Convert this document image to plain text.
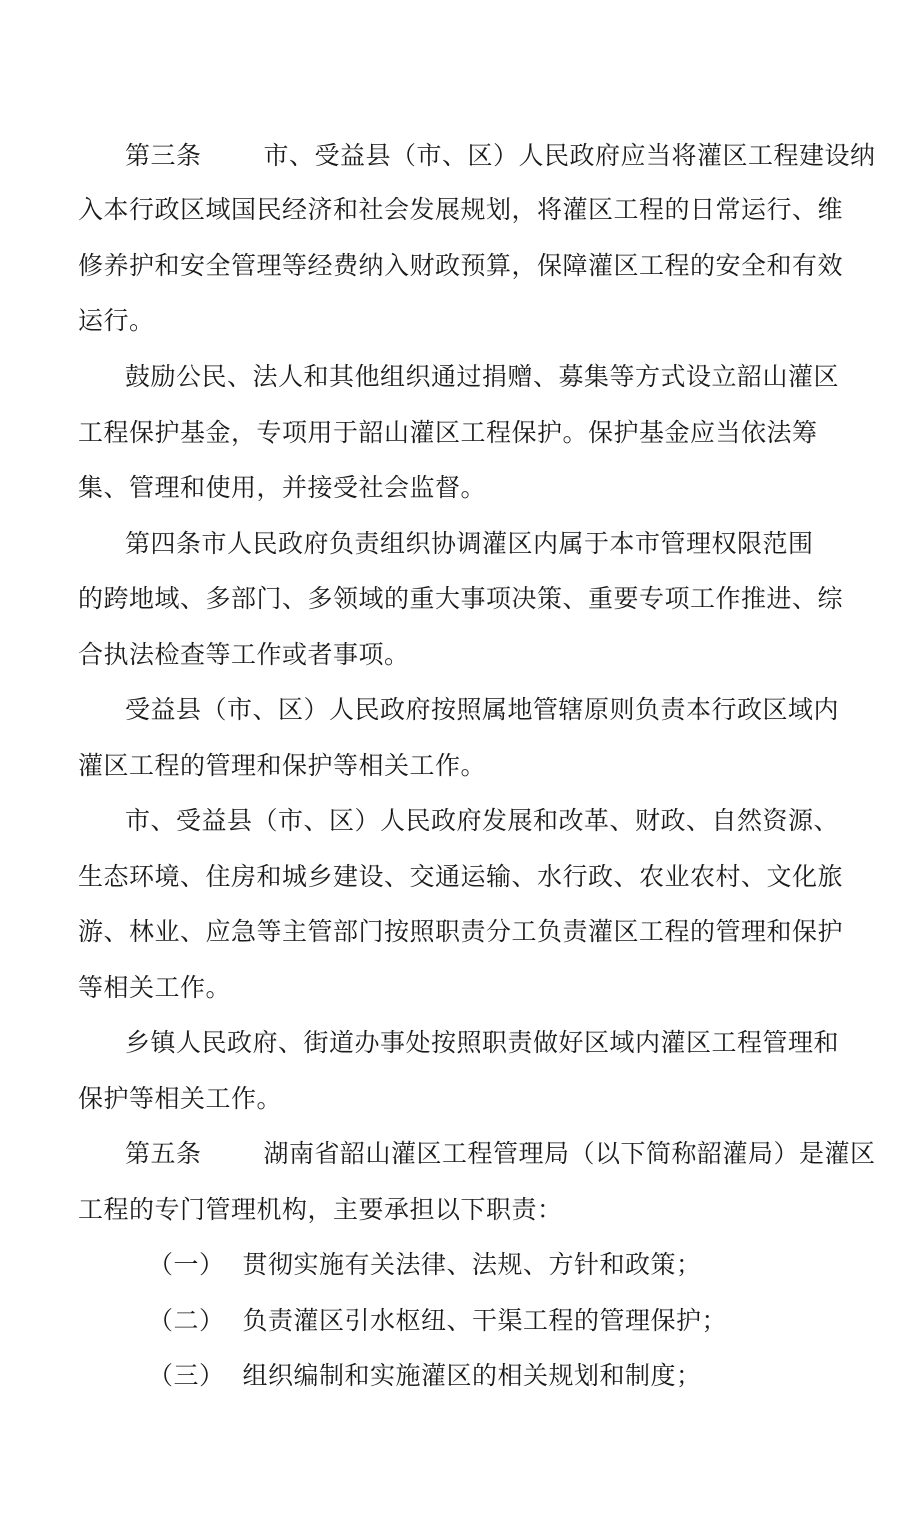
第三条 市、受益县（市、区）人民政府应当将灌区工程建设纳
入本行政区域国民经济和社会发展规划，将灌区工程的日常运行、维
修养护和安全管理等经费纳入财政预算，保障灌区工程的安全和有效
运行。
鼓励公民、法人和其他组织通过捐赠、募集等方式设立韶山灌区
工程保护基金，专项用于韶山灌区工程保护。保护基金应当依法筹
集、管理和使用，并接受社会监督。
第四条市人民政府负责组织协调灌区内属于本市管理权限范围
的跨地域、多部门、多领域的重大事项决策、重要专项工作推进、综
合执法检查等工作或者事项。
受益县（市、区）人民政府按照属地管辖原则负责本行政区域内
灌区工程的管理和保护等相关工作。
市、受益县（市、区）人民政府发展和改革、财政、自然资源、
生态环境、住房和城乡建设、交通运输、水行政、农业农村、文化旅
游、林业、应急等主管部门按照职责分工负责灌区工程的管理和保护
等相关工作。
乡镇人民政府、街道办事处按照职责做好区域内灌区工程管理和
保护等相关工作。
第五条 湖南省韶山灌区工程管理局（以下简称韶灌局）是灌区
工程的专门管理机构，主要承担以下职责：
（一） 贯彻实施有关法律、法规、方针和政策；
（二） 负责灌区引水枢纽、干渠工程的管理保护；
（三） 组织编制和实施灌区的相关规划和制度；
